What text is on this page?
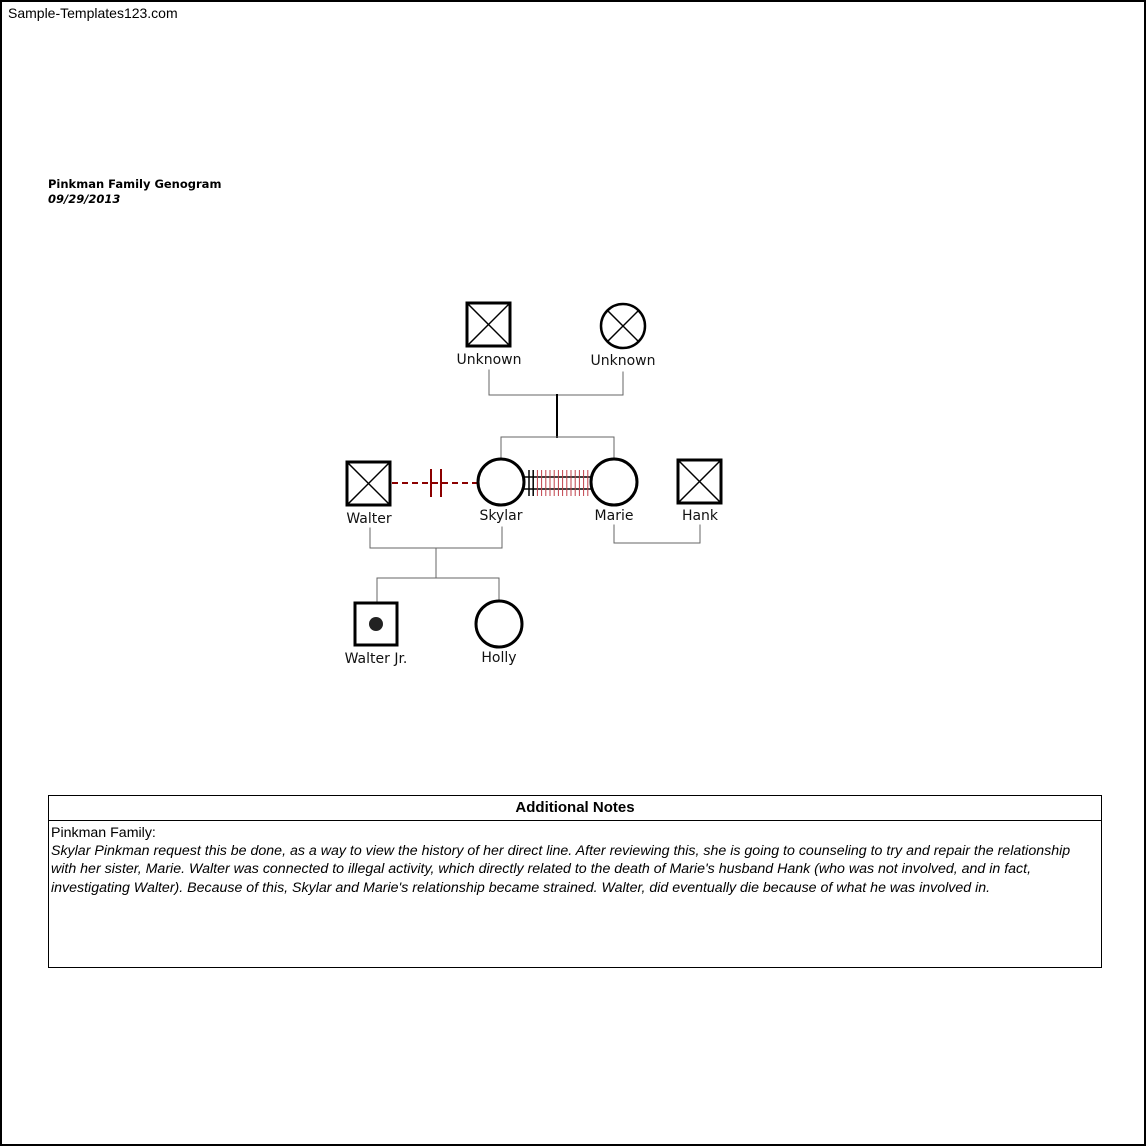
Sample-Templates123.com
Pinkman Family Genogram
09/29/2013
Unknown	Unknown
Walter	Skylar	Marie	Hank
Walter Jr.	Holly
Additional Notes
Pinkman Family:
Skylar Pinkman request this be done, as a way to view the history of her direct line. After reviewing this, she is going to counseling to try and repair the relationship with her sister, Marie. Walter was connected to illegal activity, which directly related to the death of Marie's husband Hank (who was not involved, and in fact, investigating Walter). Because of this, Skylar and Marie's relationship became strained. Walter, did eventually die because of what he was involved in.
